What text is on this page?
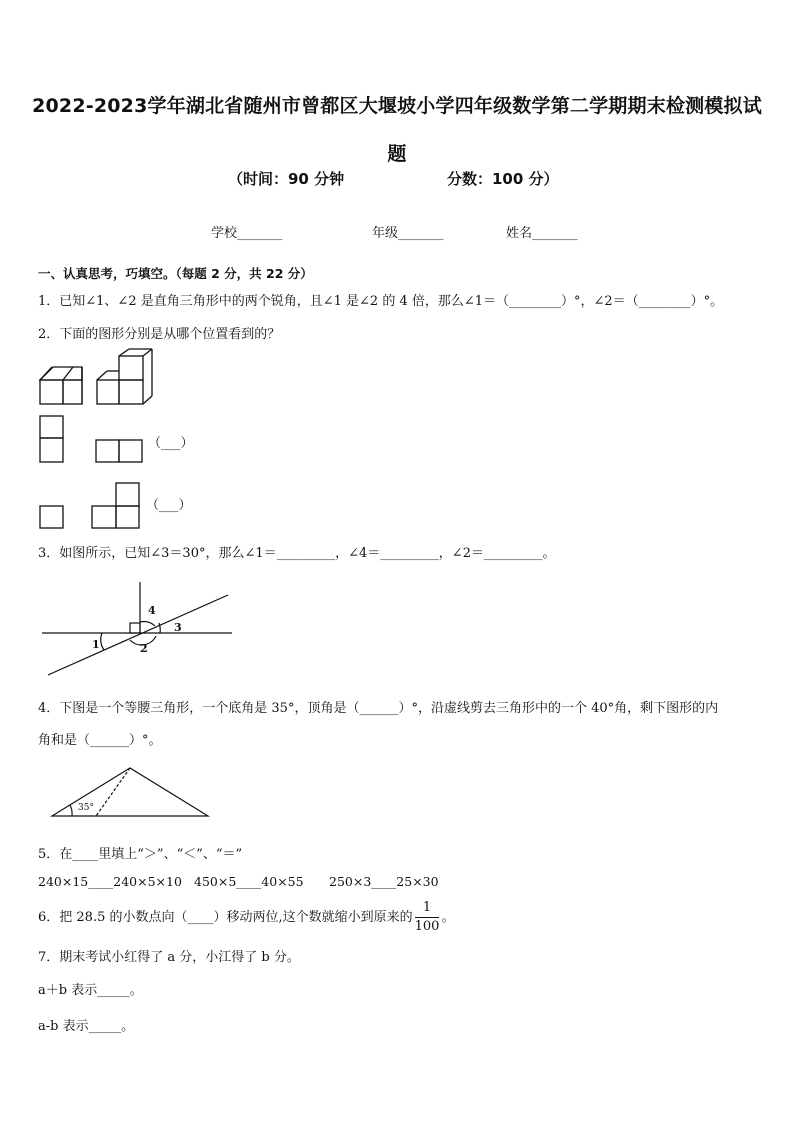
2022-2023学年湖北省随州市曾都区大堰坡小学四年级数学第二学期期末检测模拟试
题
（时间：90 分钟	分数：100 分）
学校_______	年级_______	姓名_______
一、认真思考，巧填空。（每题 2 分，共 22 分）
1．已知∠1、∠2 是直角三角形中的两个锐角，且∠1 是∠2 的 4 倍，那么∠1＝（________）°，∠2＝（________）°。
2．下面的图形分别是从哪个位置看到的？
（___）
（___）
3．如图所示，已知∠3＝30°，那么∠1＝_________，∠4＝_________，∠2＝_________。
1	2
3
4
4．下图是一个等腰三角形，一个底角是 35°，顶角是（______）°，沿虚线剪去三角形中的一个 40°角，剩下图形的内
角和是（______）°。
35°
5．在____里填上“＞”、“＜”、“＝”
240×15____240×5×10 450×5____40×55 250×3____25×30
6．把 28.5 的小数点向（____）移动两位,这个数就缩小到原来的 $\frac{1}{100}$ 。
7．期末考试小红得了 a 分，小江得了 b 分。
a＋b 表示_____。
a-b 表示_____。
